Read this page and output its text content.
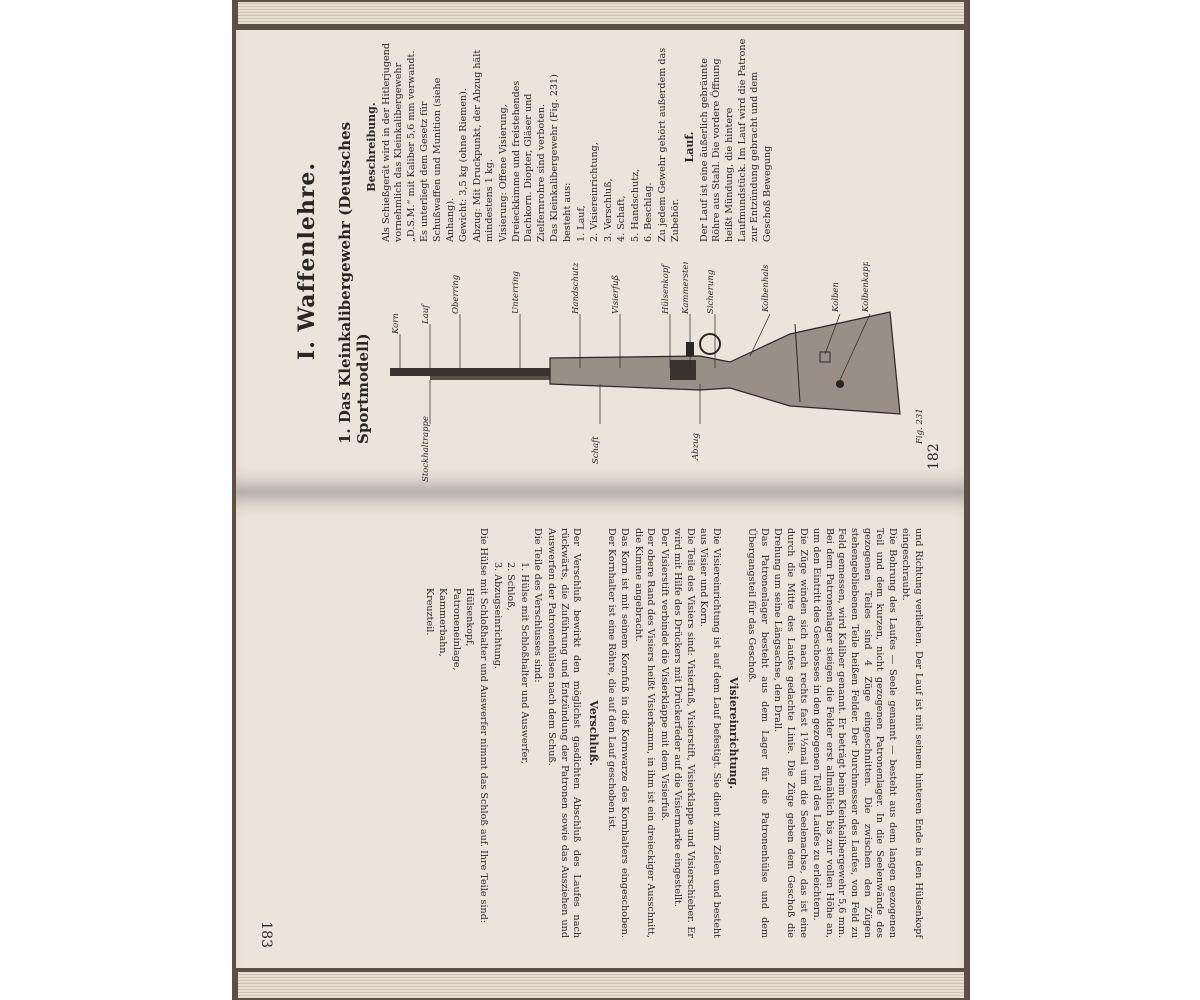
I. Waffenlehre. 1. Das Kleinkalibergewehr (Deutsches Sportmodell)
Korn Lauf
Oberring	Unterring	Handschutz	Visierfuß	Hülsenkopf Kammerstengel Sicherung
Stockhaltrappe	Schaft	Abzug
Kolbenhals	Kolben Kolbenkappe
Fig. 231

Beschreibung. Als Schießgerät wird in der Hitlerjugend vornehmlich das Kleinkalibergewehr „D.S.M.“ mit Kaliber 5,6 mm verwandt. Es unterliegt dem Gesetz für Schußwaffen und Munition (siehe Anhang). Gewicht: 3,5 kg (ohne Riemen). Abzug: Mit Druckpunkt, der Abzug hält mindestens 1 kg. Visierung: Offene Visierung, Dreieckkimme und freistehendes Dachkorn. Diopter, Gläser und Zielfernrohre sind verboten. Das Kleinkalibergewehr (Fig. 231) besteht aus: 1. Lauf, 2. Visiereinrichtung, 3. Verschluß, 4. Schaft, 5. Handschutz, 6. Beschlag. Zu jedem Gewehr gehört außerdem das Zubehör.

Lauf. Der Lauf ist eine äußerlich gebräunte Röhre aus Stahl. Die vordere Öffnung heißt Mündung, die hintere Laufmundstück. Im Lauf wird die Patrone zur Entzündung gebracht und dem Geschoß Bewegung

182

und Richtung verliehen. Der Lauf ist mit seinem hinteren Ende in den Hülsenkopf eingeschraubt.

Die Bohrung des Laufes — Seele genannt — besteht aus dem langen gezogenen Teil und dem kurzen, nicht gezogenen Patronenlager. In die Seelenwände des gezogenen Teiles sind 4 Züge eingeschnitten. Die zwischen den Zügen stehengebliebenen Teile heißen Felder. Der Durchmesser des Laufes, von Feld zu Feld gemessen, wird Kaliber genannt. Er beträgt beim Kleinkalibergewehr 5,6 mm. Bei dem Patronenlager steigen die Felder erst allmählich bis zur vollen Höhe an, um den Eintritt des Geschosses in den gezogenen Teil des Laufes zu erleichtern.

Die Züge winden sich nach rechts fast 1½mal um die Seelenachse, das ist eine durch die Mitte des Laufes gedachte Linie. Die Züge geben dem Geschoß die Drehung um seine Längsachse, den Drall.

Das Patronenlager besteht aus dem Lager für die Patronenhülse und dem Übergangsteil für das Geschoß.

Visiereinrichtung.

Die Visiereinrichtung ist auf dem Lauf befestigt. Sie dient zum Zielen und besteht aus Visier und Korn.

Die Teile des Visiers sind: Visierfuß, Visierstift, Visierklappe und Visierschieber. Er wird mit Hilfe des Drückers mit Drückerfeder auf die Visiermarke eingestellt.

Der Visierstift verbindet die Visierklappe mit dem Visierfuß.

Der obere Rand des Visiers heißt Visierkamm, in ihm ist ein dreieckiger Ausschnitt, die Kimme angebracht.

Das Korn ist mit seinem Kornfuß in die Kornwarze des Kornhalters eingeschoben. Der Kornhalter ist eine Röhre, die auf den Lauf geschoben ist.

Verschluß.

Der Verschluß bewirkt den möglichst gasdichten Abschluß des Laufes nach rückwärts, die Zuführung und Entzündung der Patronen sowie das Ausziehen und Auswerfen der Patronenhülsen nach dem Schuß.

Die Teile des Verschlusses sind:

1. Hülse mit Schloßhalter und Auswerfer,

2. Schloß,

3. Abzugseinrichtung.

Die Hülse mit Schloßhalter und Auswerfer nimmt das Schloß auf. Ihre Teile sind:

Hülsenkopf,

Patroneneinlage,

Kammerbahn,

Kreuzteil.

183
